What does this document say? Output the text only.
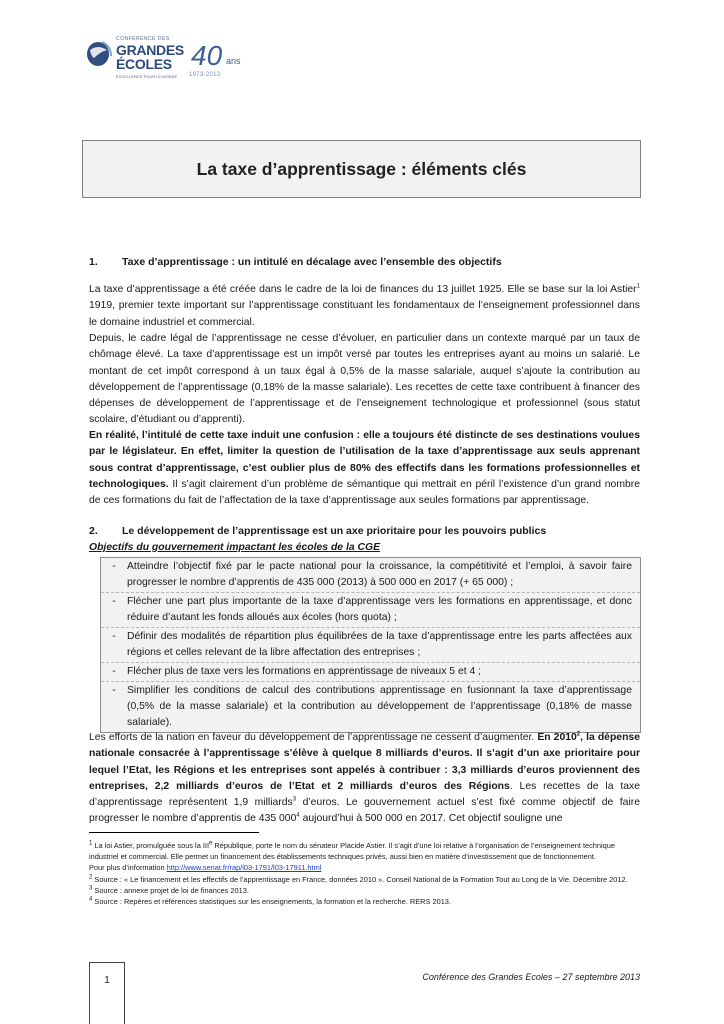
CONFÉRENCE DES
GRANDES
ÉCOLES
EXCELLENCE POUR LE MONDE
40 ans
1973-2013
La taxe d’apprentissage : éléments clés
1. Taxe d’apprentissage : un intitulé en décalage avec l’ensemble des objectifs
La taxe d’apprentissage a été créée dans le cadre de la loi de finances du 13 juillet 1925. Elle se base sur la loi Astier$^1$ 1919, premier texte important sur l’apprentissage constituant les fondamentaux de l’enseignement professionnel dans le domaine industriel et commercial.
Depuis, le cadre légal de l’apprentissage ne cesse d’évoluer, en particulier dans un contexte marqué par un taux de chômage élevé. La taxe d’apprentissage est un impôt versé par toutes les entreprises ayant au moins un salarié. Le montant de cet impôt correspond à un taux égal à 0,5% de la masse salariale, auquel s’ajoute la contribution au développement de l’apprentissage (0,18% de la masse salariale). Les recettes de cette taxe contribuent à financer des dépenses de développement de l’apprentissage et de l’enseignement technologique et professionnel (sous statut scolaire, d’étudiant ou d’apprenti).
En réalité, l’intitulé de cette taxe induit une confusion : elle a toujours été distincte de ses destinations voulues par le législateur. En effet, limiter la question de l’utilisation de la taxe d’apprentissage aux seuls apprenant sous contrat d’apprentissage, c’est oublier plus de 80% des effectifs dans les formations professionnelles et technologiques. Il s’agit clairement d’un problème de sémantique qui mettrait en péril l’existence d’un grand nombre de ces formations du fait de l’affectation de la taxe d’apprentissage aux seules formations par apprentissage.
2. Le développement de l’apprentissage est un axe prioritaire pour les pouvoirs publics
Objectifs du gouvernement impactant les écoles de la CGE
-	Atteindre l’objectif fixé par le pacte national pour la croissance, la compétitivité et l’emploi, à savoir faire progresser le nombre d’apprentis de 435 000 (2013) à 500 000 en 2017 (+ 65 000) ;
-	Flécher une part plus importante de la taxe d’apprentissage vers les formations en apprentissage, et donc réduire d’autant les fonds alloués aux écoles (hors quota) ;
-	Définir des modalités de répartition plus équilibrées de la taxe d’apprentissage entre les parts affectées aux régions et celles relevant de la libre affectation des entreprises ;
-	Flécher plus de taxe vers les formations en apprentissage de niveaux 5 et 4 ;
-	Simplifier les conditions de calcul des contributions apprentissage en fusionnant la taxe d’apprentissage (0,5% de la masse salariale) et la contribution au développement de l’apprentissage (0,18% de masse salariale).
Les efforts de la nation en faveur du développement de l’apprentissage ne cessent d’augmenter. En 2010$^2$, la dépense nationale consacrée à l’apprentissage s’élève à quelque 8 milliards d’euros. Il s’agit d’un axe prioritaire pour lequel l’Etat, les Régions et les entreprises sont appelés à contribuer : 3,3 milliards d’euros proviennent des entreprises, 2,2 milliards d’euros de l’Etat et 2 milliards d’euros des Régions. Les recettes de la taxe d’apprentissage représentent 1,9 milliards$^3$ d’euros. Le gouvernement actuel s’est fixé comme objectif de faire progresser le nombre d’apprentis de 435 $000^4$ aujourd’hui à 500 000 en 2017. Cet objectif souligne une

$^1$ La loi Astier, promulguée sous la IIIe République, porte le nom du sénateur Placide Astier. Il s’agit d’une loi relative à l’organisation de l’enseignement technique industriel et commercial. Elle permet un financement des établissements techniques privés, aussi bien en matière d’investissement que de fonctionnement.

Pour plus d’information http://www.senat.fr/rap/l03-1791/l03-17911.html

$^2$ Source : « Le financement et les effectifs de l’apprentissage en France, données 2010 ». Conseil National de la Formation Tout au Long de la Vie. Décembre 2012.

$^3$ Source : annexe projet de loi de finances 2013.

$^4$ Source : Repères et références statistiques sur les enseignements, la formation et la recherche. RERS 2013.

1	Conférence des Grandes Ecoles – 27 septembre 2013
